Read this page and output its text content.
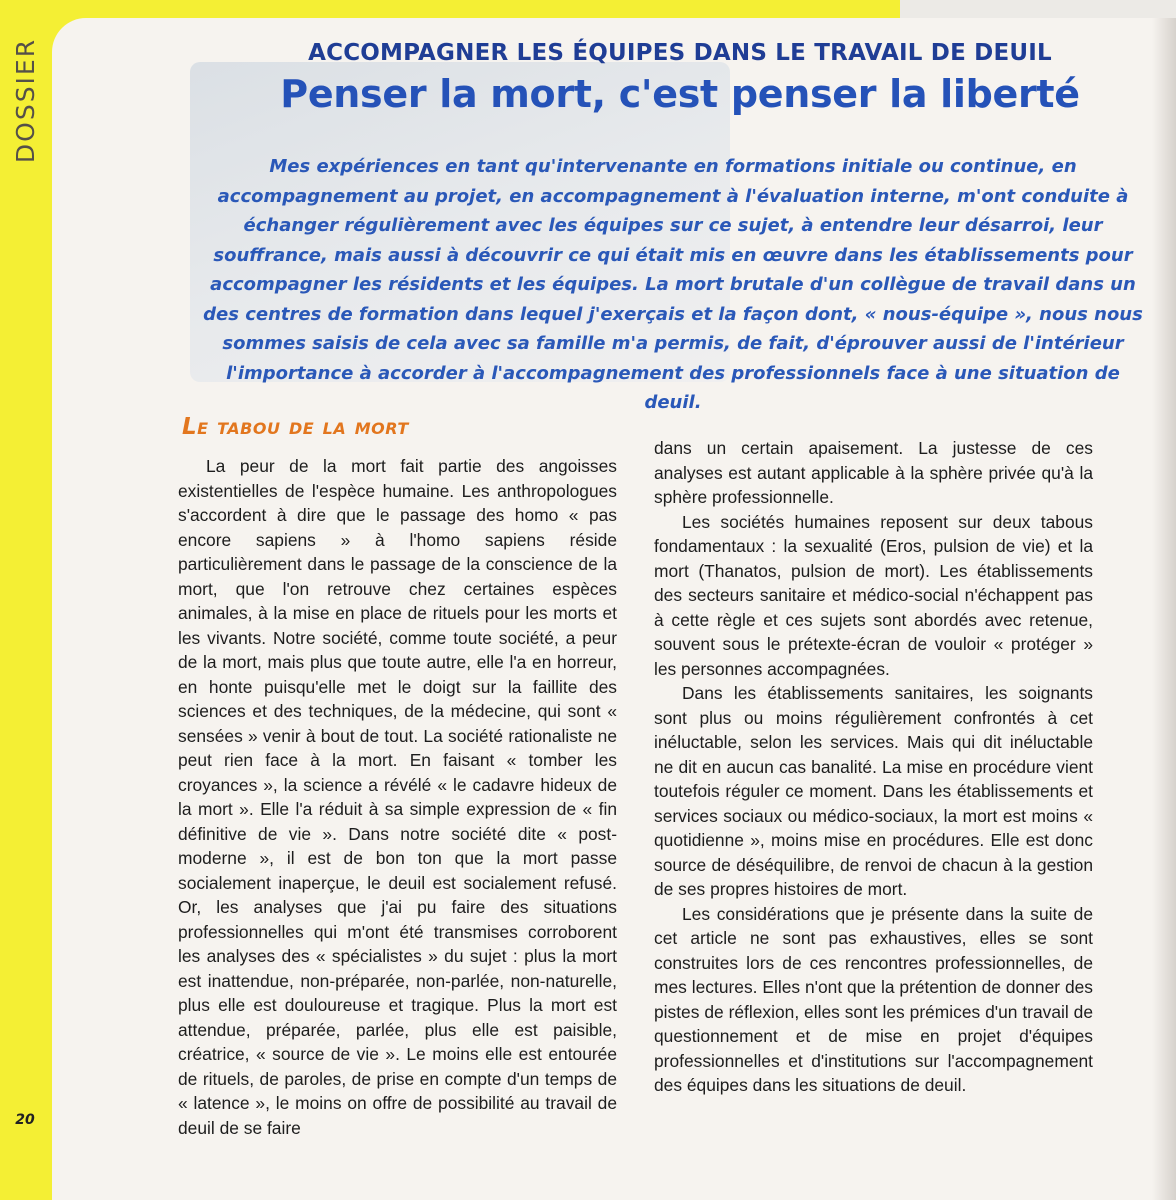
DOSSIER
20
ACCOMPAGNER LES ÉQUIPES DANS LE TRAVAIL DE DEUIL
Penser la mort, c'est penser la liberté
Mes expériences en tant qu'intervenante en formations initiale ou continue, en accompagnement au projet, en accompagnement à l'évaluation interne, m'ont conduite à échanger régulièrement avec les équipes sur ce sujet, à entendre leur désarroi, leur souffrance, mais aussi à découvrir ce qui était mis en œuvre dans les établissements pour accompagner les résidents et les équipes. La mort brutale d'un collègue de travail dans un des centres de formation dans lequel j'exerçais et la façon dont, « nous-équipe », nous nous sommes saisis de cela avec sa famille m'a permis, de fait, d'éprouver aussi de l'intérieur l'importance à accorder à l'accompagnement des professionnels face à une situation de deuil.
Le tabou de la mort

La peur de la mort fait partie des angoisses existentielles de l'espèce humaine. Les anthropologues s'accordent à dire que le passage des homo « pas encore sapiens » à l'homo sapiens réside particulièrement dans le passage de la conscience de la mort, que l'on retrouve chez certaines espèces animales, à la mise en place de rituels pour les morts et les vivants. Notre société, comme toute société, a peur de la mort, mais plus que toute autre, elle l'a en horreur, en honte puisqu'elle met le doigt sur la faillite des sciences et des techniques, de la médecine, qui sont « sensées » venir à bout de tout. La société rationaliste ne peut rien face à la mort. En faisant « tomber les croyances », la science a révélé « le cadavre hideux de la mort ». Elle l'a réduit à sa simple expression de « fin définitive de vie ». Dans notre société dite « post-moderne », il est de bon ton que la mort passe socialement inaperçue, le deuil est socialement refusé. Or, les analyses que j'ai pu faire des situations professionnelles qui m'ont été transmises corroborent les analyses des « spécialistes » du sujet : plus la mort est inattendue, non-préparée, non-parlée, non-naturelle, plus elle est douloureuse et tragique. Plus la mort est attendue, préparée, parlée, plus elle est paisible, créatrice, « source de vie ». Le moins elle est entourée de rituels, de paroles, de prise en compte d'un temps de « latence », le moins on offre de possibilité au travail de deuil de se faire

dans un certain apaisement. La justesse de ces analyses est autant applicable à la sphère privée qu'à la sphère professionnelle.

Les sociétés humaines reposent sur deux tabous fondamentaux : la sexualité (Eros, pulsion de vie) et la mort (Thanatos, pulsion de mort). Les établissements des secteurs sanitaire et médico-social n'échappent pas à cette règle et ces sujets sont abordés avec retenue, souvent sous le prétexte-écran de vouloir « protéger » les personnes accompagnées.

Dans les établissements sanitaires, les soignants sont plus ou moins régulièrement confrontés à cet inéluctable, selon les services. Mais qui dit inéluctable ne dit en aucun cas banalité. La mise en procédure vient toutefois réguler ce moment. Dans les établissements et services sociaux ou médico-sociaux, la mort est moins « quotidienne », moins mise en procédures. Elle est donc source de déséquilibre, de renvoi de chacun à la gestion de ses propres histoires de mort.

Les considérations que je présente dans la suite de cet article ne sont pas exhaustives, elles se sont construites lors de ces rencontres professionnelles, de mes lectures. Elles n'ont que la prétention de donner des pistes de réflexion, elles sont les prémices d'un travail de questionnement et de mise en projet d'équipes professionnelles et d'institutions sur l'accompagnement des équipes dans les situations de deuil.
